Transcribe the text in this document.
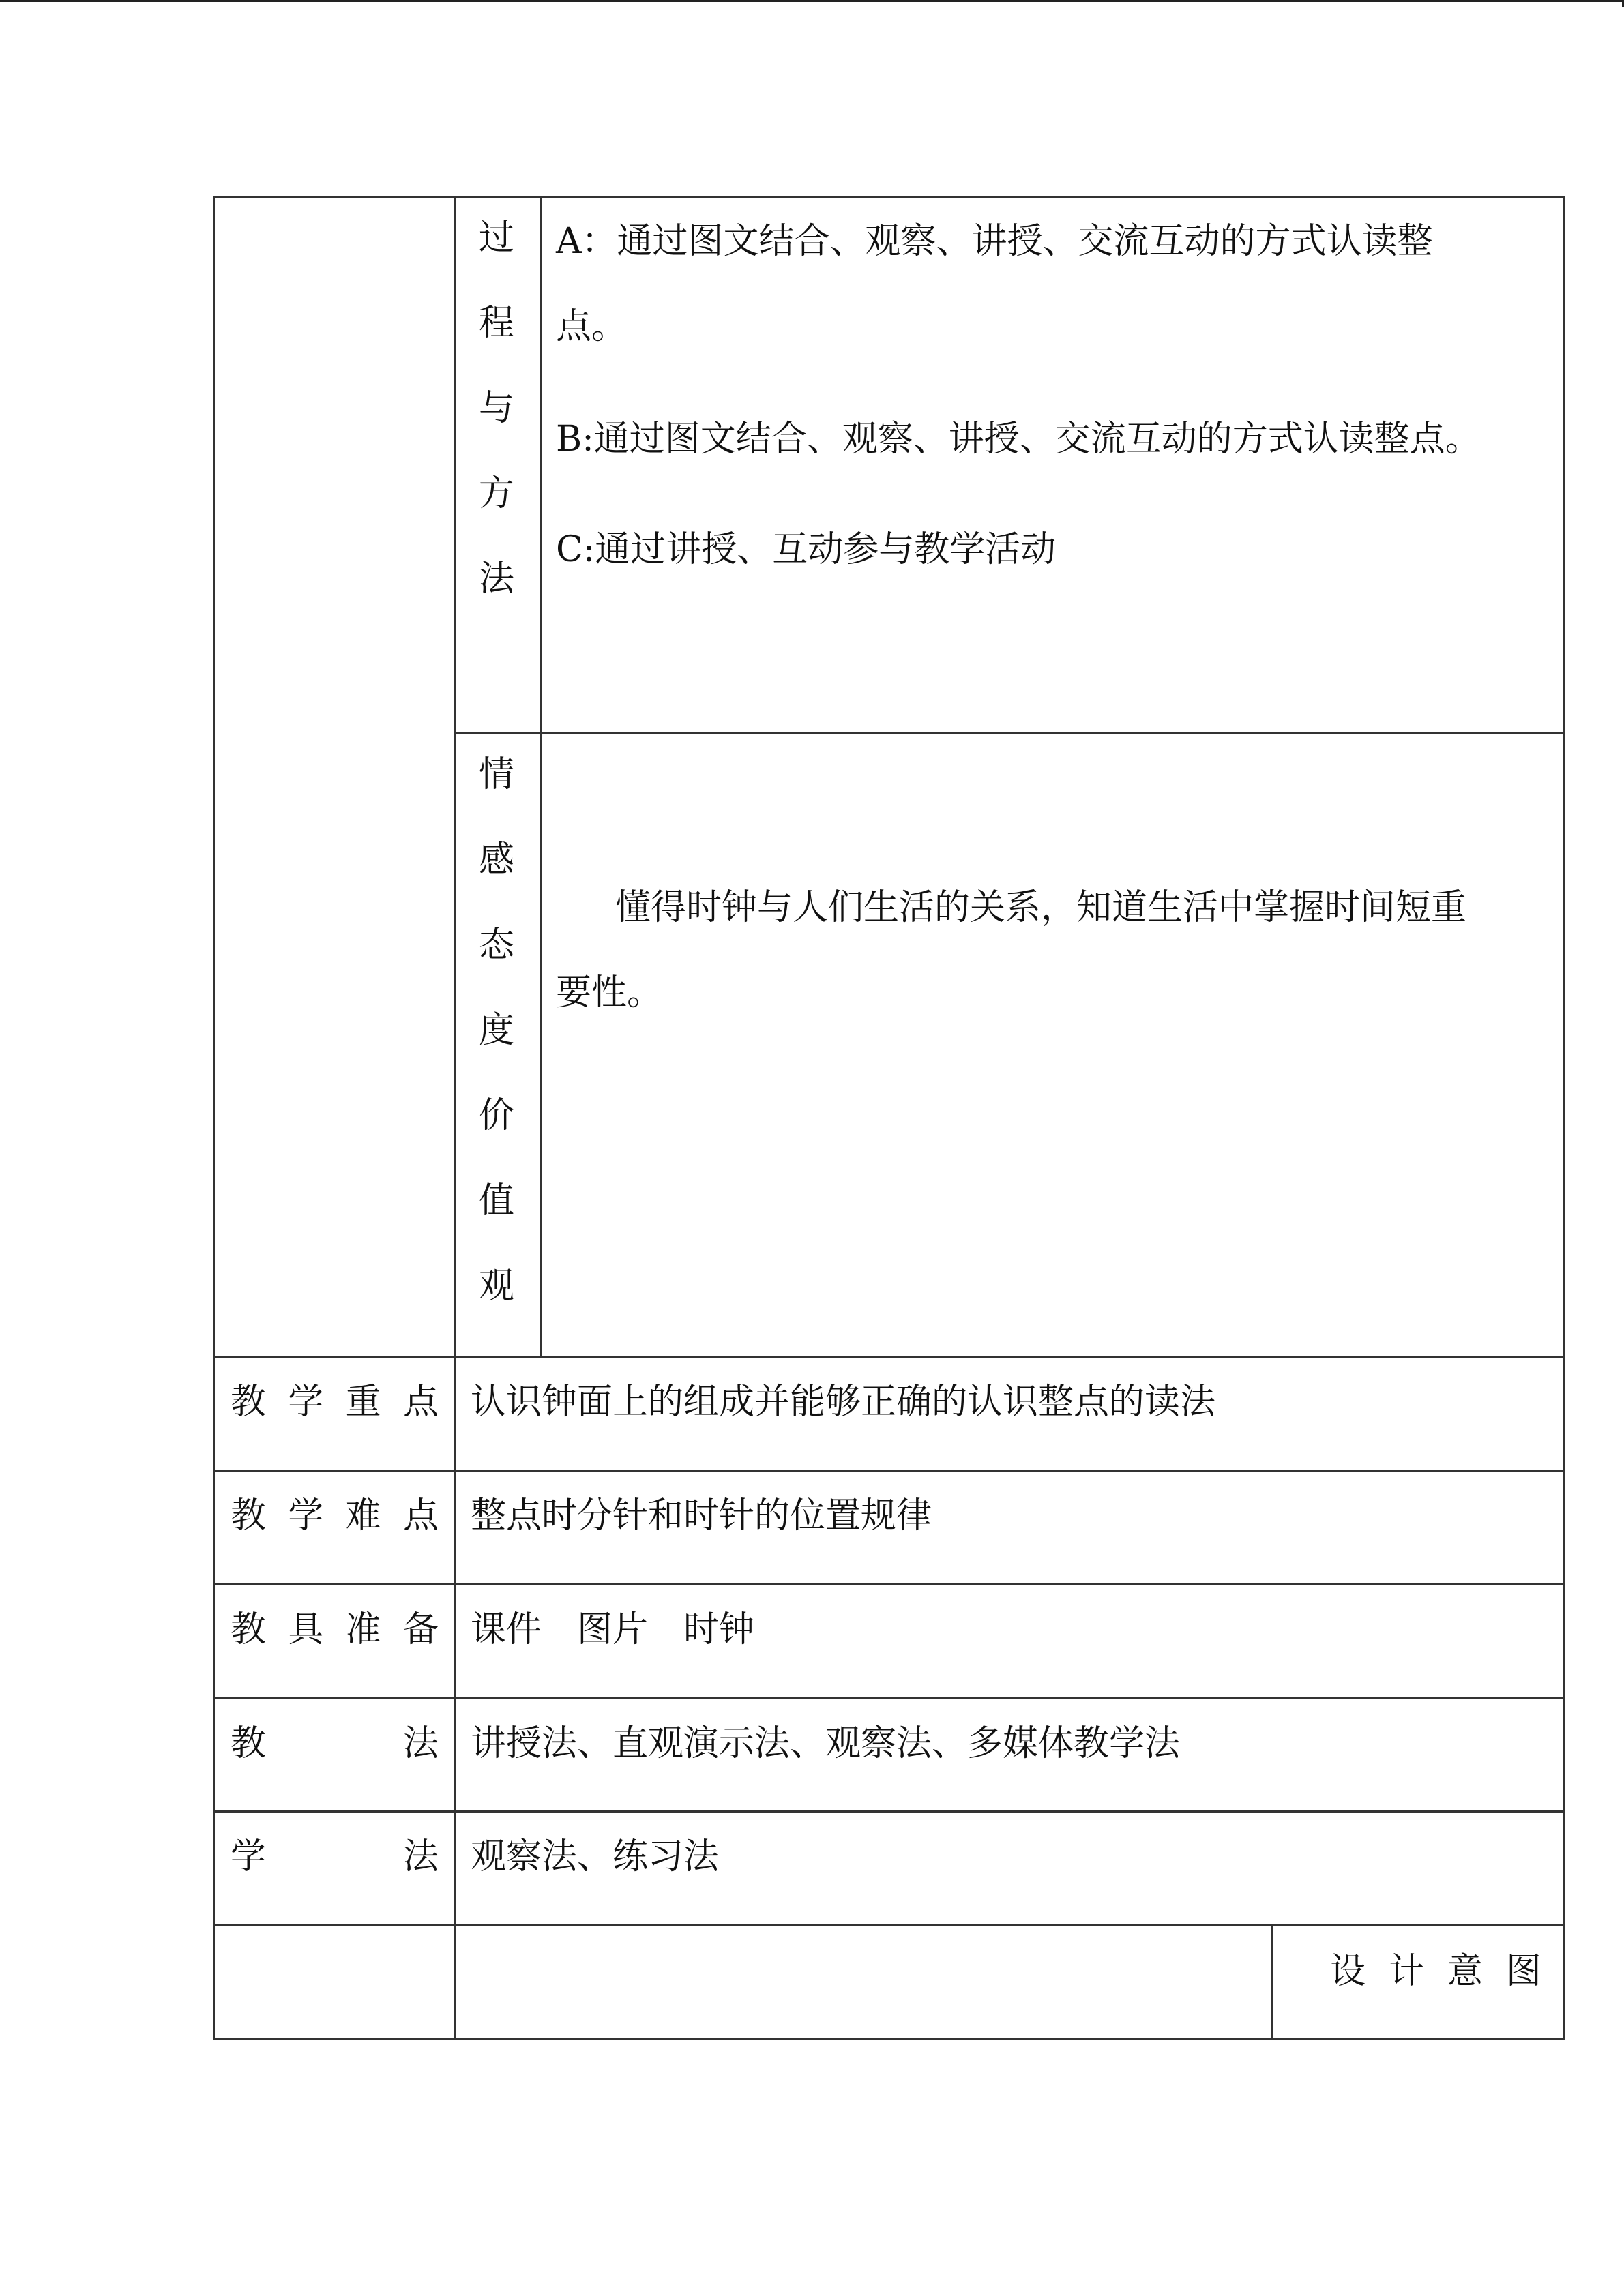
过
程
与
方
法
A：通过图文结合、观察、讲授、交流互动的方式认读整
点。
B:通过图文结合、观察、讲授、交流互动的方式认读整点。
C:通过讲授、互动参与教学活动
情
感
态
度
价
值
观
懂得时钟与人们生活的关系，知道生活中掌握时间短重
要性。
教 学 重 点 认识钟面上的组成并能够正确的认识整点的读法
教 学 难 点 整点时分针和时针的位置规律
教 具 准 备 课件　图片　时钟
教	法 讲授法、直观演示法、观察法、多媒体教学法
学	法 观察法、练习法
设 计 意 图
